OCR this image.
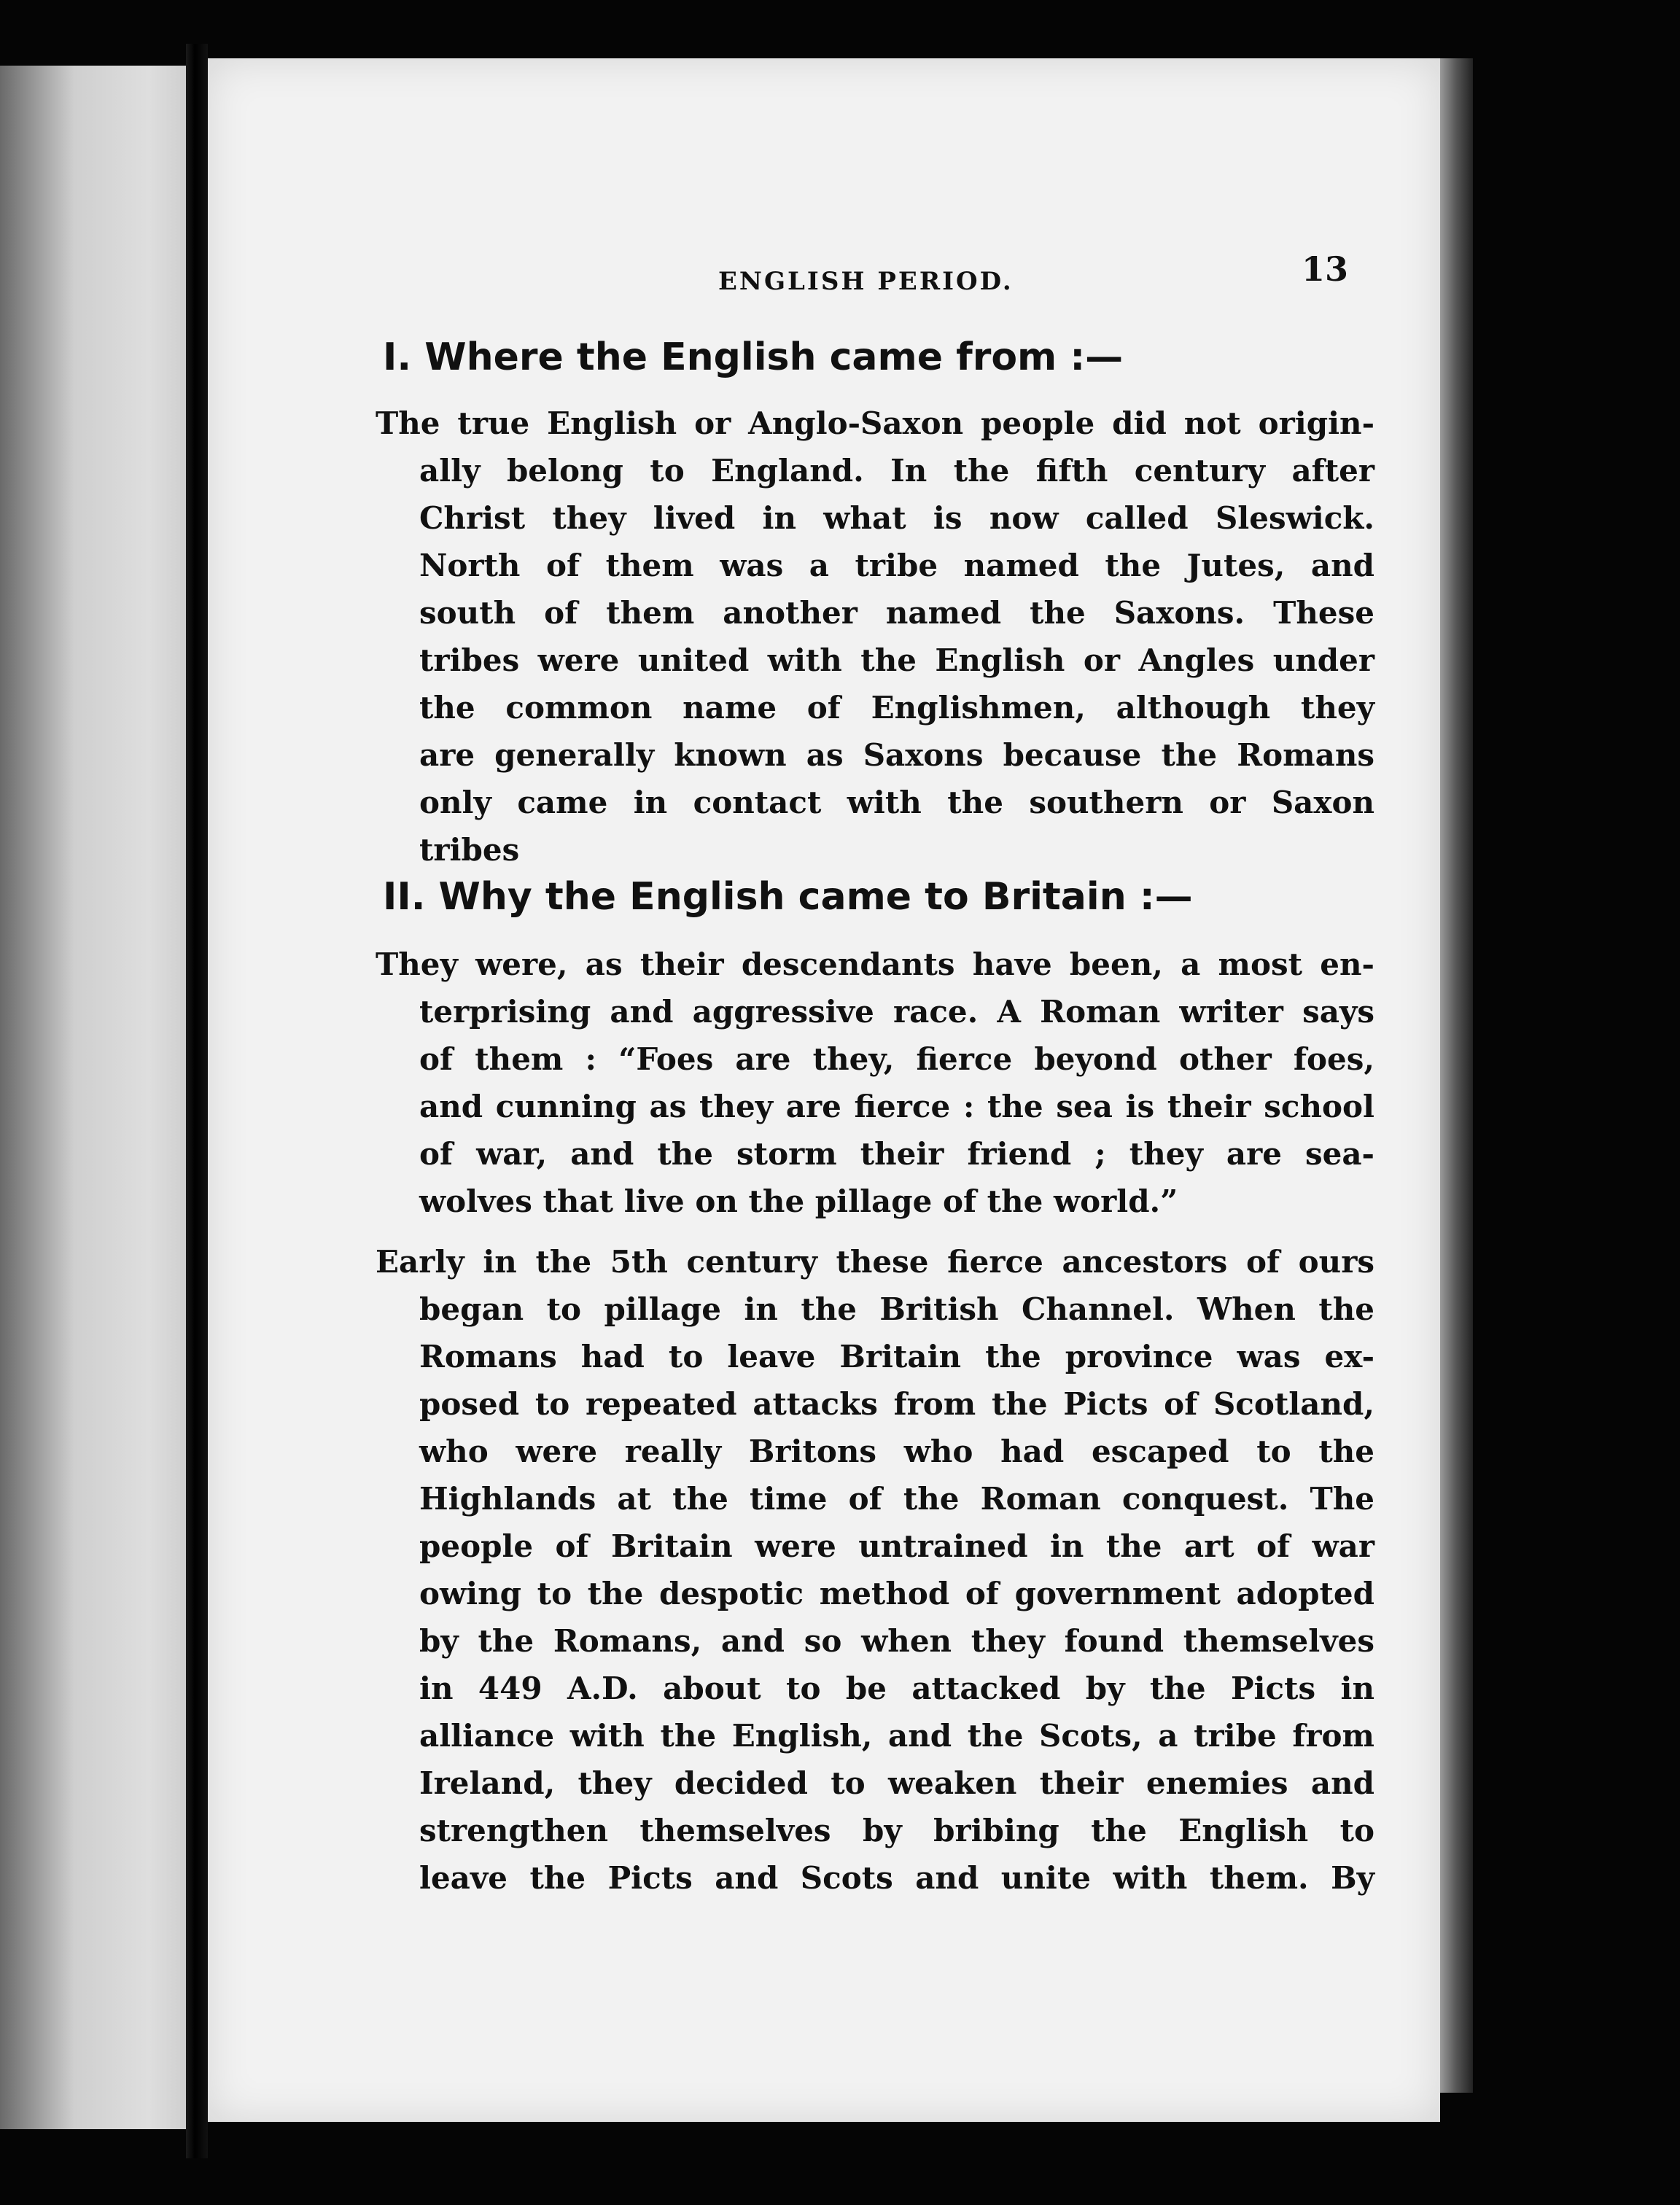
ENGLISH PERIOD.	13
I. Where the English came from :—
The true English or Anglo-Saxon people did not origin-
ally belong to England. In the fifth century after
Christ they lived in what is now called Sleswick.
North of them was a tribe named the Jutes, and
south of them another named the Saxons. These
tribes were united with the English or Angles under
the common name of Englishmen, although they
are generally known as Saxons because the Romans
only came in contact with the southern or Saxon
tribes
II. Why the English came to Britain :—
They were, as their descendants have been, a most en-
terprising and aggressive race. A Roman writer says
of them : “Foes are they, fierce beyond other foes,
and cunning as they are fierce : the sea is their school
of war, and the storm their friend ; they are sea-
wolves that live on the pillage of the world.”
Early in the 5th century these fierce ancestors of ours
began to pillage in the British Channel. When the
Romans had to leave Britain the province was ex-
posed to repeated attacks from the Picts of Scotland,
who were really Britons who had escaped to the
Highlands at the time of the Roman conquest. The
people of Britain were untrained in the art of war
owing to the despotic method of government adopted
by the Romans, and so when they found themselves
in 449 A.D. about to be attacked by the Picts in
alliance with the English, and the Scots, a tribe from
Ireland, they decided to weaken their enemies and
strengthen themselves by bribing the English to
leave the Picts and Scots and unite with them. By
